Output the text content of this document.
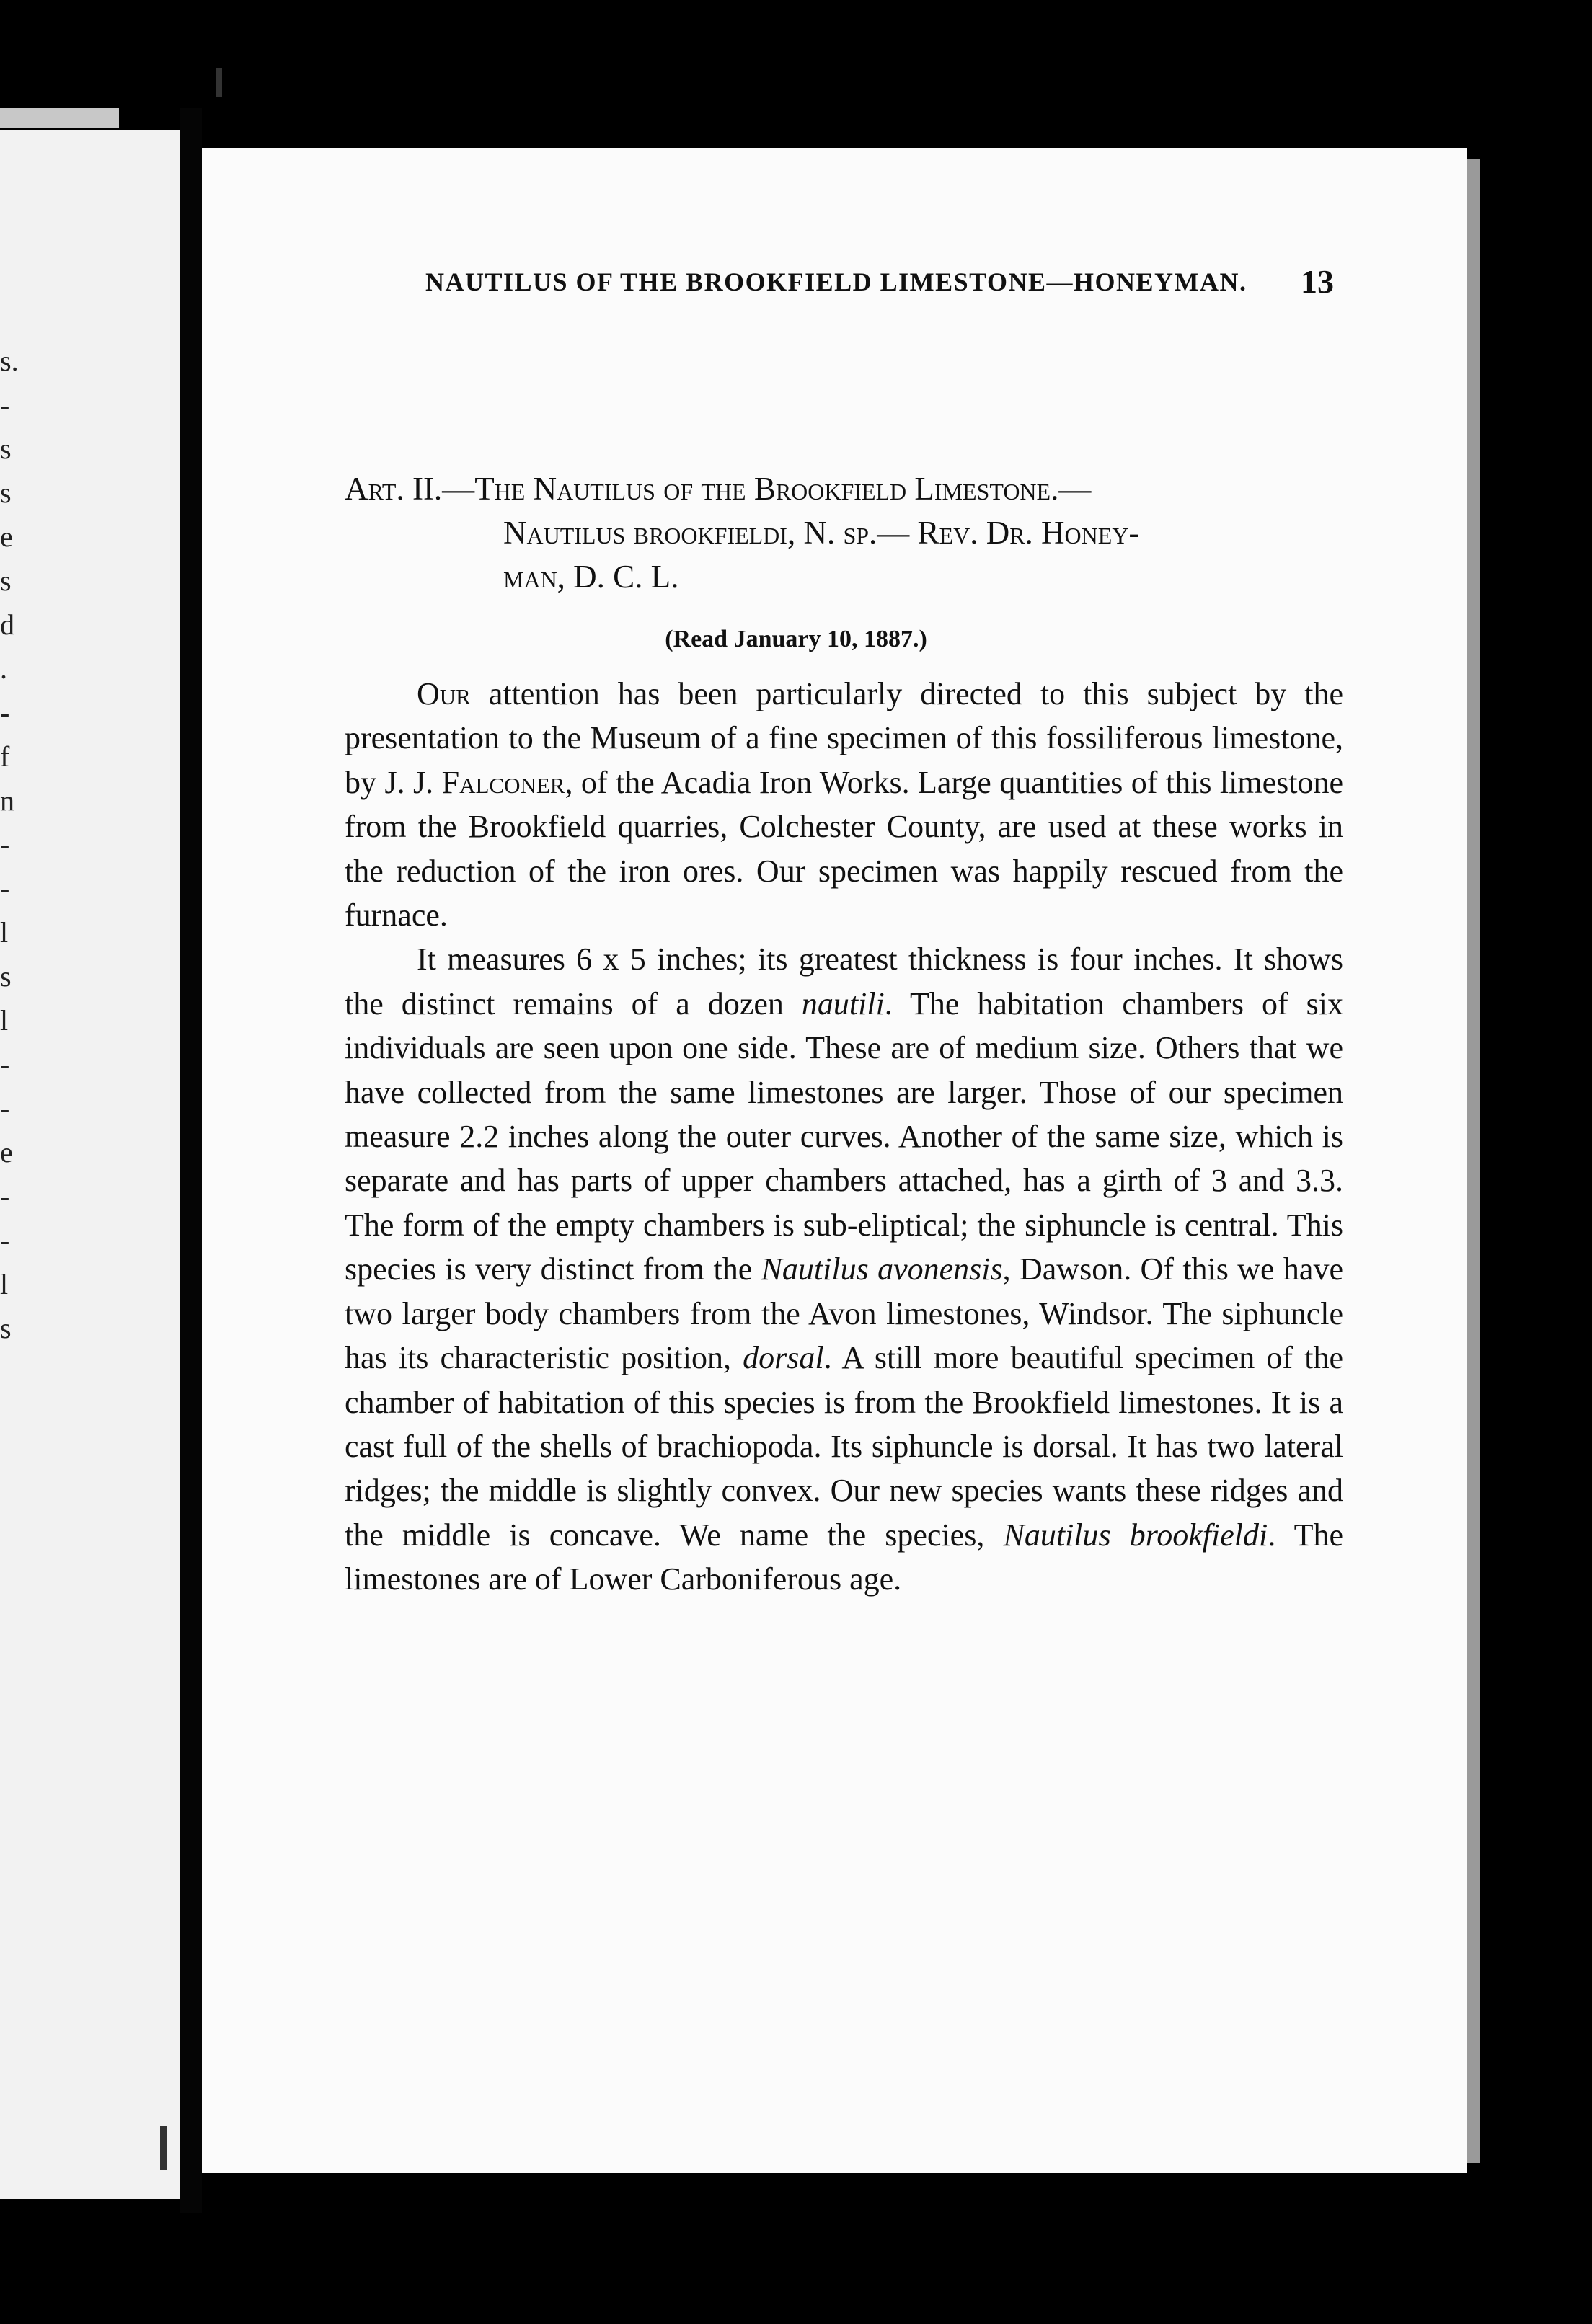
s.
-
s
s
e
s
d
.
-
f
n
-
-
l
s
l
-
-
e
-
-
l
s
NAUTILUS OF THE BROOKFIELD LIMESTONE—HONEYMAN. 13
Art. II.—The Nautilus of the Brookfield Limestone.—
Nautilus brookfieldi, N. sp.— Rev. Dr. Honey-
man, D. C. L.
(Read January 10, 1887.)

Our attention has been particularly directed to this subject by the presentation to the Museum of a fine specimen of this fossiliferous limestone, by J. J. Falconer, of the Acadia Iron Works. Large quantities of this limestone from the Brookfield quarries, Colchester County, are used at these works in the reduction of the iron ores. Our specimen was happily rescued from the furnace.

It measures 6 x 5 inches; its greatest thickness is four inches. It shows the distinct remains of a dozen nautili. The habitation chambers of six individuals are seen upon one side. These are of medium size. Others that we have collected from the same limestones are larger. Those of our specimen measure 2.2 inches along the outer curves. Another of the same size, which is separate and has parts of upper chambers attached, has a girth of 3 and 3.3. The form of the empty chambers is sub-eliptical; the siphuncle is central. This species is very distinct from the Nautilus avonensis, Dawson. Of this we have two larger body chambers from the Avon limestones, Windsor. The siphuncle has its characteristic position, dorsal. A still more beautiful specimen of the chamber of habitation of this species is from the Brookfield limestones. It is a cast full of the shells of brachiopoda. Its siphuncle is dorsal. It has two lateral ridges; the middle is slightly convex. Our new species wants these ridges and the middle is concave. We name the species, Nautilus brookfieldi. The limestones are of Lower Carboniferous age.
